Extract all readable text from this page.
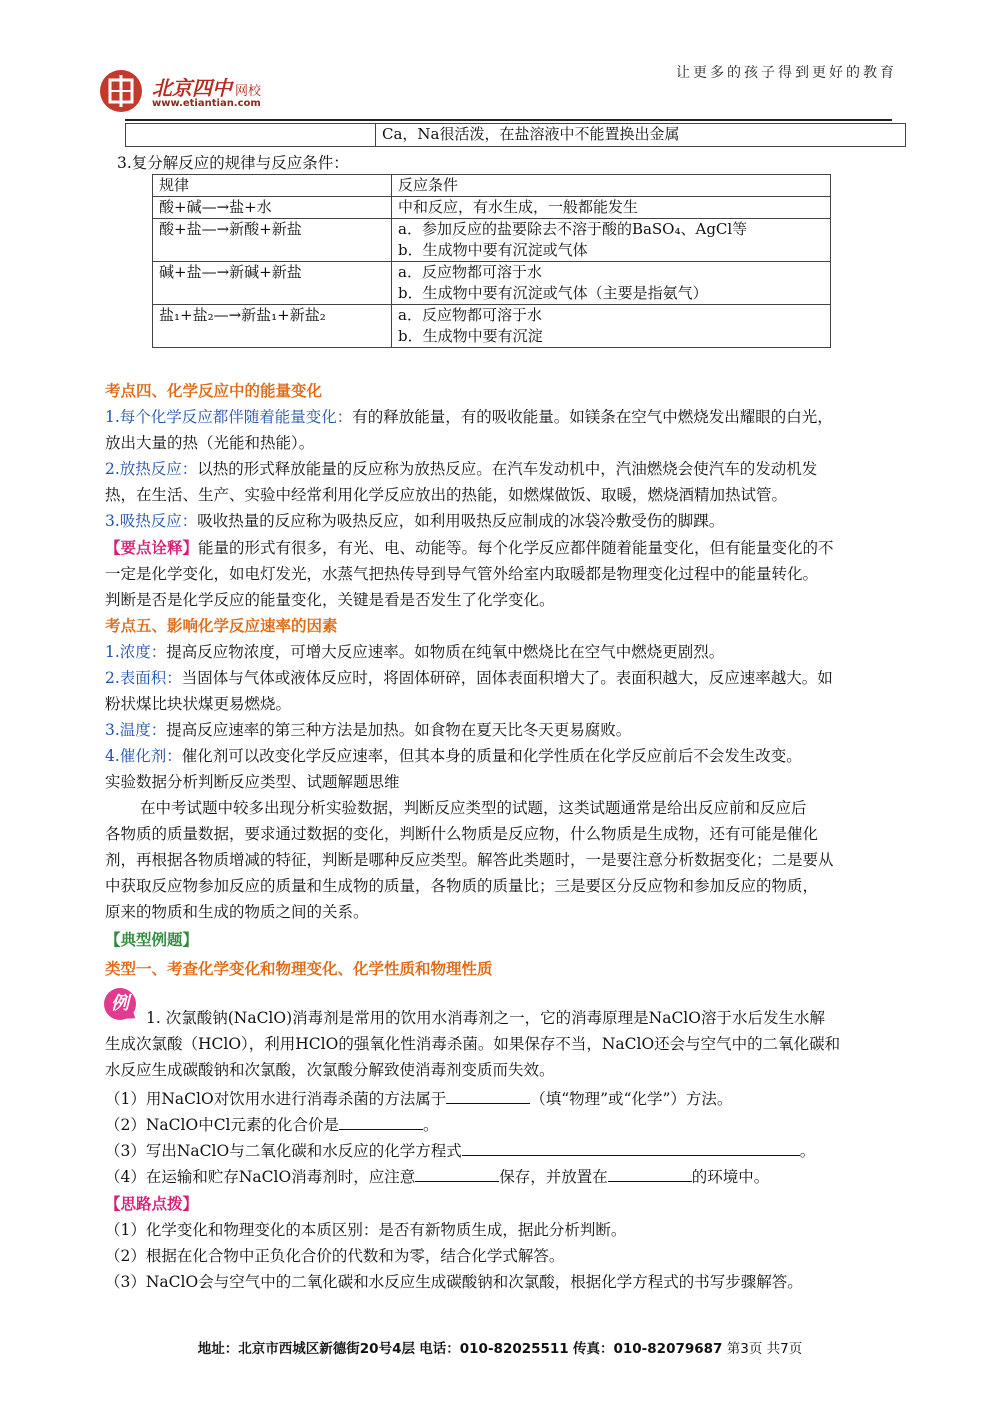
让更多的孩子得到更好的教育
北京四中 网校
www.etiantian.com
	Ca，Na很活泼，在盐溶液中不能置换出金属
3.复分解反应的规律与反应条件：
规律	反应条件
酸+碱—→盐+水	中和反应，有水生成，一般都能发生
酸+盐—→新酸+新盐	a．参加反应的盐要除去不溶于酸的BaSO₄、AgCl等
b．生成物中要有沉淀或气体

碱+盐—→新碱+新盐	a．反应物都可溶于水
b．生成物中要有沉淀或气体（主要是指氨气）

盐₁+盐₂—→新盐₁+新盐₂	a．反应物都可溶于水
b．生成物中要有沉淀
考点四、化学反应中的能量变化
1.每个化学反应都伴随着能量变化：有的释放能量，有的吸收能量。如镁条在空气中燃烧发出耀眼的白光，
放出大量的热（光能和热能）。
2.放热反应：以热的形式释放能量的反应称为放热反应。在汽车发动机中，汽油燃烧会使汽车的发动机发
热，在生活、生产、实验中经常利用化学反应放出的热能，如燃煤做饭、取暖，燃烧酒精加热试管。
3.吸热反应：吸收热量的反应称为吸热反应，如利用吸热反应制成的冰袋冷敷受伤的脚踝。
【要点诠释】能量的形式有很多，有光、电、动能等。每个化学反应都伴随着能量变化，但有能量变化的不
一定是化学变化，如电灯发光，水蒸气把热传导到导气管外给室内取暖都是物理变化过程中的能量转化。
判断是否是化学反应的能量变化，关键是看是否发生了化学变化。
考点五、影响化学反应速率的因素
1.浓度：提高反应物浓度，可增大反应速率。如物质在纯氧中燃烧比在空气中燃烧更剧烈。
2.表面积：当固体与气体或液体反应时，将固体研碎，固体表面积增大了。表面积越大，反应速率越大。如
粉状煤比块状煤更易燃烧。
3.温度：提高反应速率的第三种方法是加热。如食物在夏天比冬天更易腐败。
4.催化剂：催化剂可以改变化学反应速率，但其本身的质量和化学性质在化学反应前后不会发生改变。
实验数据分析判断反应类型、试题解题思维
在中考试题中较多出现分析实验数据，判断反应类型的试题，这类试题通常是给出反应前和反应后
各物质的质量数据，要求通过数据的变化，判断什么物质是反应物，什么物质是生成物，还有可能是催化
剂，再根据各物质增减的特征，判断是哪种反应类型。解答此类题时，一是要注意分析数据变化；二是要从
中获取反应物参加反应的质量和生成物的质量，各物质的质量比；三是要区分反应物和参加反应的物质，
原来的物质和生成的物质之间的关系。
【典型例题】
类型一、考查化学变化和物理变化、化学性质和物理性质
例
1. 次氯酸钠(NaClO)消毒剂是常用的饮用水消毒剂之一，它的消毒原理是NaClO溶于水后发生水解
生成次氯酸（HClO），利用HClO的强氧化性消毒杀菌。如果保存不当，NaClO还会与空气中的二氧化碳和
水反应生成碳酸钠和次氯酸，次氯酸分解致使消毒剂变质而失效。
（1）用NaClO对饮用水进行消毒杀菌的方法属于	（填“物理”或“化学”）方法。
（2）NaClO中Cl元素的化合价是	。
（3）写出NaClO与二氧化碳和水反应的化学方程式	。
（4）在运输和贮存NaClO消毒剂时，应注意	保存，并放置在	的环境中。
【思路点拨】
（1）化学变化和物理变化的本质区别：是否有新物质生成，据此分析判断。
（2）根据在化合物中正负化合价的代数和为零，结合化学式解答。
（3）NaClO会与空气中的二氧化碳和水反应生成碳酸钠和次氯酸，根据化学方程式的书写步骤解答。
地址：北京市西城区新德街20号4层 电话：010-82025511 传真：010-82079687 第3页 共7页
